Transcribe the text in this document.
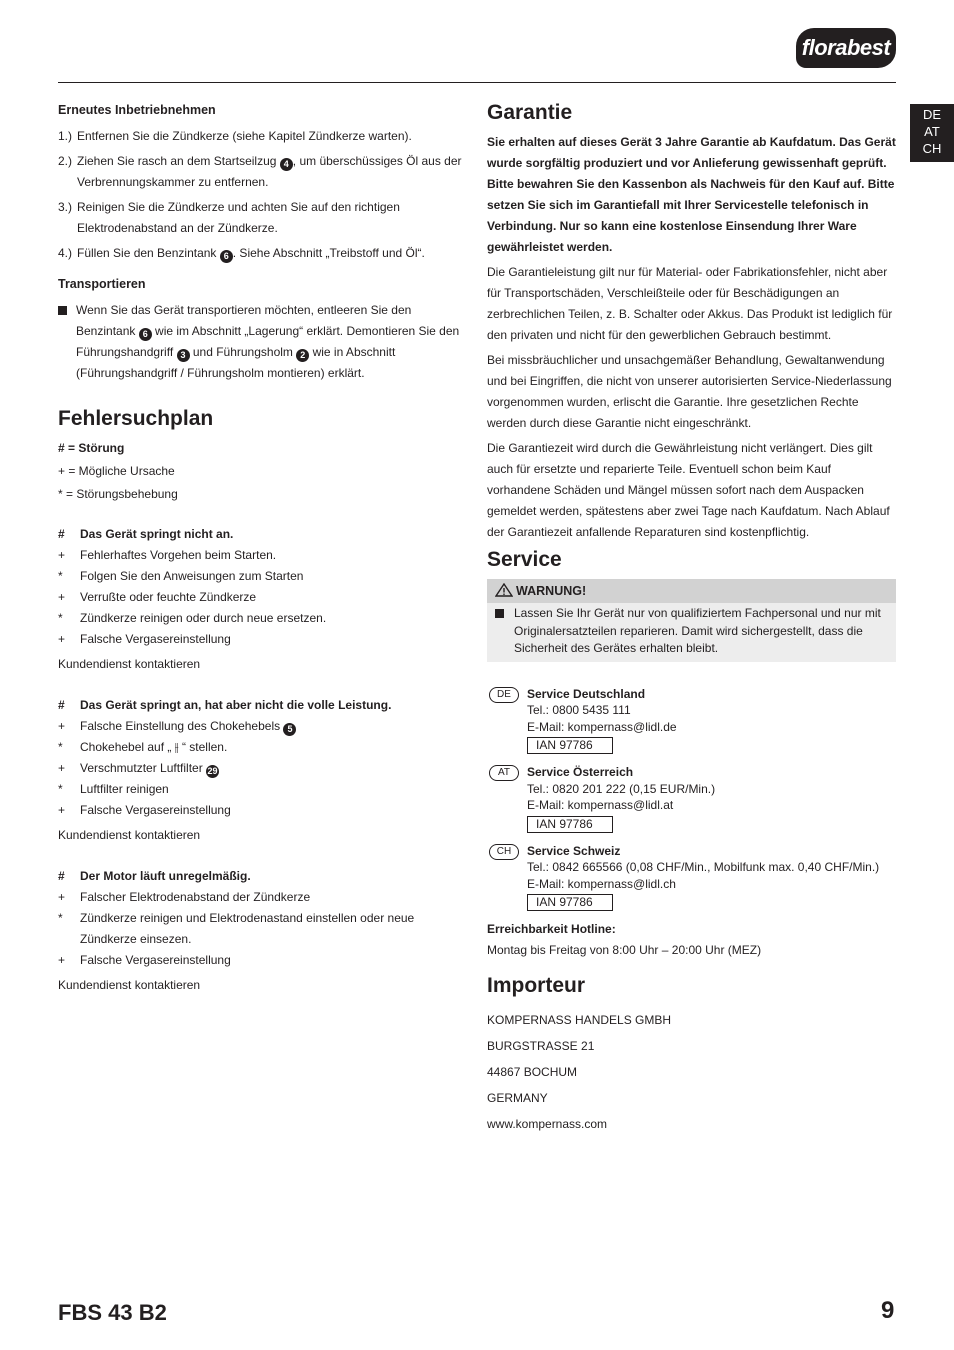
florabest
DE
AT
CH

Erneutes Inbetriebnehmen

1.) Entfernen Sie die Zündkerze (siehe Kapitel Zündkerze warten).
2.) Ziehen Sie rasch an dem Startseilzug 4 , um überschüssiges Öl aus der Verbrennungskammer zu entfernen.
3.) Reinigen Sie die Zündkerze und achten Sie auf den richtigen Elektrodenabstand an der Zündkerze.
4.) Füllen Sie den Benzintank 6 . Siehe Abschnitt „Treibstoff und Öl“.

Transportieren

Wenn Sie das Gerät transportieren möchten, entleeren Sie den Benzintank 6 wie im Abschnitt „Lagerung“ erklärt. Demontieren Sie den Führungshandgriff 3 und Führungsholm 2 wie in Abschnitt (Führungshandgriff / Führungsholm montieren) erklärt.
Fehlersuchplan
# = Störung
+ = Mögliche Ursache
* = Störungsbehebung
#	Das Gerät springt nicht an.
+	Fehlerhaftes Vorgehen beim Starten.
*	Folgen Sie den Anweisungen zum Starten
+	Verrußte oder feuchte Zündkerze
*	Zündkerze reinigen oder durch neue ersetzen.
+	Falsche Vergasereinstellung
Kundendienst kontaktieren
#	Das Gerät springt an, hat aber nicht die volle Leistung.
+	Falsche Einstellung des Chokehebels 5
*	Chokehebel auf „ ⫲ “ stellen.
+	Verschmutzter Luftfilter 29
*	Luftfilter reinigen
+	Falsche Vergasereinstellung
Kundendienst kontaktieren
#	Der Motor läuft unregelmäßig.
+	Falscher Elektrodenabstand der Zündkerze
*	Zündkerze reinigen und Elektrodenastand einstellen oder neue Zündkerze einsezen.
+	Falsche Vergasereinstellung
Kundendienst kontaktieren
Garantie

Sie erhalten auf dieses Gerät 3 Jahre Garantie ab Kaufdatum. Das Gerät wurde sorgfältig produziert und vor Anlieferung gewissenhaft geprüft. Bitte bewahren Sie den Kassenbon als Nachweis für den Kauf auf. Bitte setzen Sie sich im Garantiefall mit Ihrer Servicestelle telefonisch in Verbindung. Nur so kann eine kostenlose Einsendung Ihrer Ware gewährleistet werden.

Die Garantieleistung gilt nur für Material- oder Fabrikationsfehler, nicht aber für Transportschäden, Verschleißteile oder für Beschädigungen an zerbrechlichen Teilen, z. B. Schalter oder Akkus. Das Produkt ist lediglich für den privaten und nicht für den gewerblichen Gebrauch bestimmt.

Bei missbräuchlicher und unsachgemäßer Behandlung, Gewaltanwendung und bei Eingriffen, die nicht von unserer autorisierten Service-Niederlassung vorgenommen wurden, erlischt die Garantie. Ihre gesetzlichen Rechte werden durch diese Garantie nicht eingeschränkt.

Die Garantiezeit wird durch die Gewährleistung nicht verlängert. Dies gilt auch für ersetzte und reparierte Teile. Eventuell schon beim Kauf vorhandene Schäden und Mängel müssen sofort nach dem Auspacken gemeldet werden, spätestens aber zwei Tage nach Kaufdatum. Nach Ablauf der Garantiezeit anfallende Reparaturen sind kostenpflichtig.

Service
WARNUNG!
Lassen Sie Ihr Gerät nur von qualifiziertem Fachpersonal und nur mit Originalersatzteilen reparieren. Damit wird sichergestellt, dass die Sicherheit des Gerätes erhalten bleibt.
DE	Service Deutschland
Tel.: 0800 5435 111
E-Mail: kompernass@lidl.de
IAN 97786
AT	Service Österreich
Tel.: 0820 201 222 (0,15 EUR/Min.)
E-Mail: kompernass@lidl.at
IAN 97786
CH	Service Schweiz
Tel.: 0842 665566 (0,08 CHF/Min., Mobilfunk max. 0,40 CHF/Min.)
E-Mail: kompernass@lidl.ch
IAN 97786
Erreichbarkeit Hotline:
Montag bis Freitag von 8:00 Uhr – 20:00 Uhr (MEZ)
Importeur
KOMPERNASS HANDELS GMBH
BURGSTRASSE 21
44867 BOCHUM
GERMANY
www.kompernass.com
FBS 43 B2	9
